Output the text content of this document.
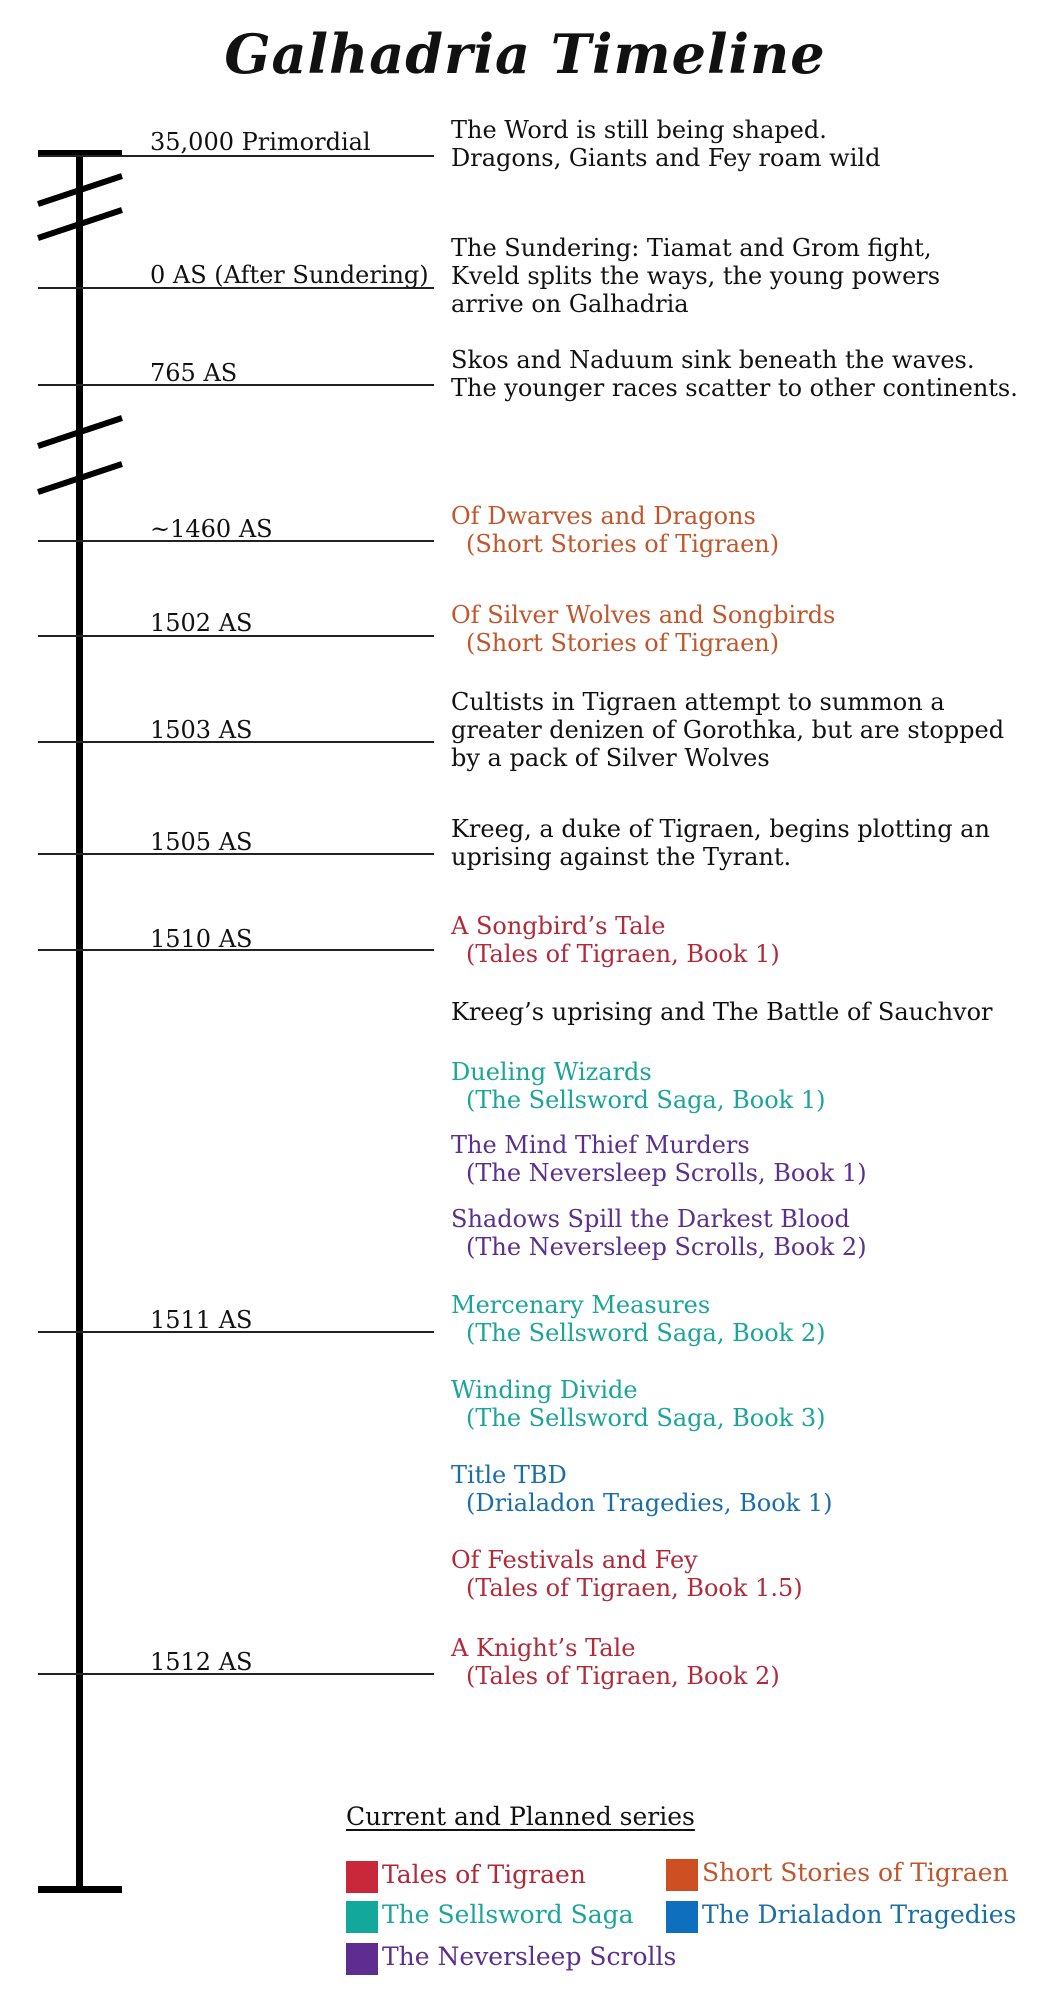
Galhadria Timeline
35,000 Primordial
0 AS (After Sundering)
765 AS
~1460 AS
1502 AS
1503 AS
1505 AS
1510 AS
1511 AS
1512 AS
The Word is still being shaped.
Dragons, Giants and Fey roam wild
The Sundering: Tiamat and Grom fight,
Kveld splits the ways, the young powers
arrive on Galhadria
Skos and Naduum sink beneath the waves.
The younger races scatter to other continents.
Of Dwarves and Dragons
(Short Stories of Tigraen)
Of Silver Wolves and Songbirds
(Short Stories of Tigraen)
Cultists in Tigraen attempt to summon a
greater denizen of Gorothka, but are stopped
by a pack of Silver Wolves
Kreeg, a duke of Tigraen, begins plotting an
uprising against the Tyrant.
A Songbird’s Tale
(Tales of Tigraen, Book 1)
Kreeg’s uprising and The Battle of Sauchvor
Dueling Wizards
(The Sellsword Saga, Book 1)
The Mind Thief Murders
(The Neversleep Scrolls, Book 1)
Shadows Spill the Darkest Blood
(The Neversleep Scrolls, Book 2)
Mercenary Measures
(The Sellsword Saga, Book 2)
Winding Divide
(The Sellsword Saga, Book 3)
Title TBD
(Drialadon Tragedies, Book 1)
Of Festivals and Fey
(Tales of Tigraen, Book 1.5)
A Knight’s Tale
(Tales of Tigraen, Book 2)
Current and Planned series
Tales of Tigraen	Short Stories of Tigraen
The Sellsword Saga	The Drialadon Tragedies
The Neversleep Scrolls
